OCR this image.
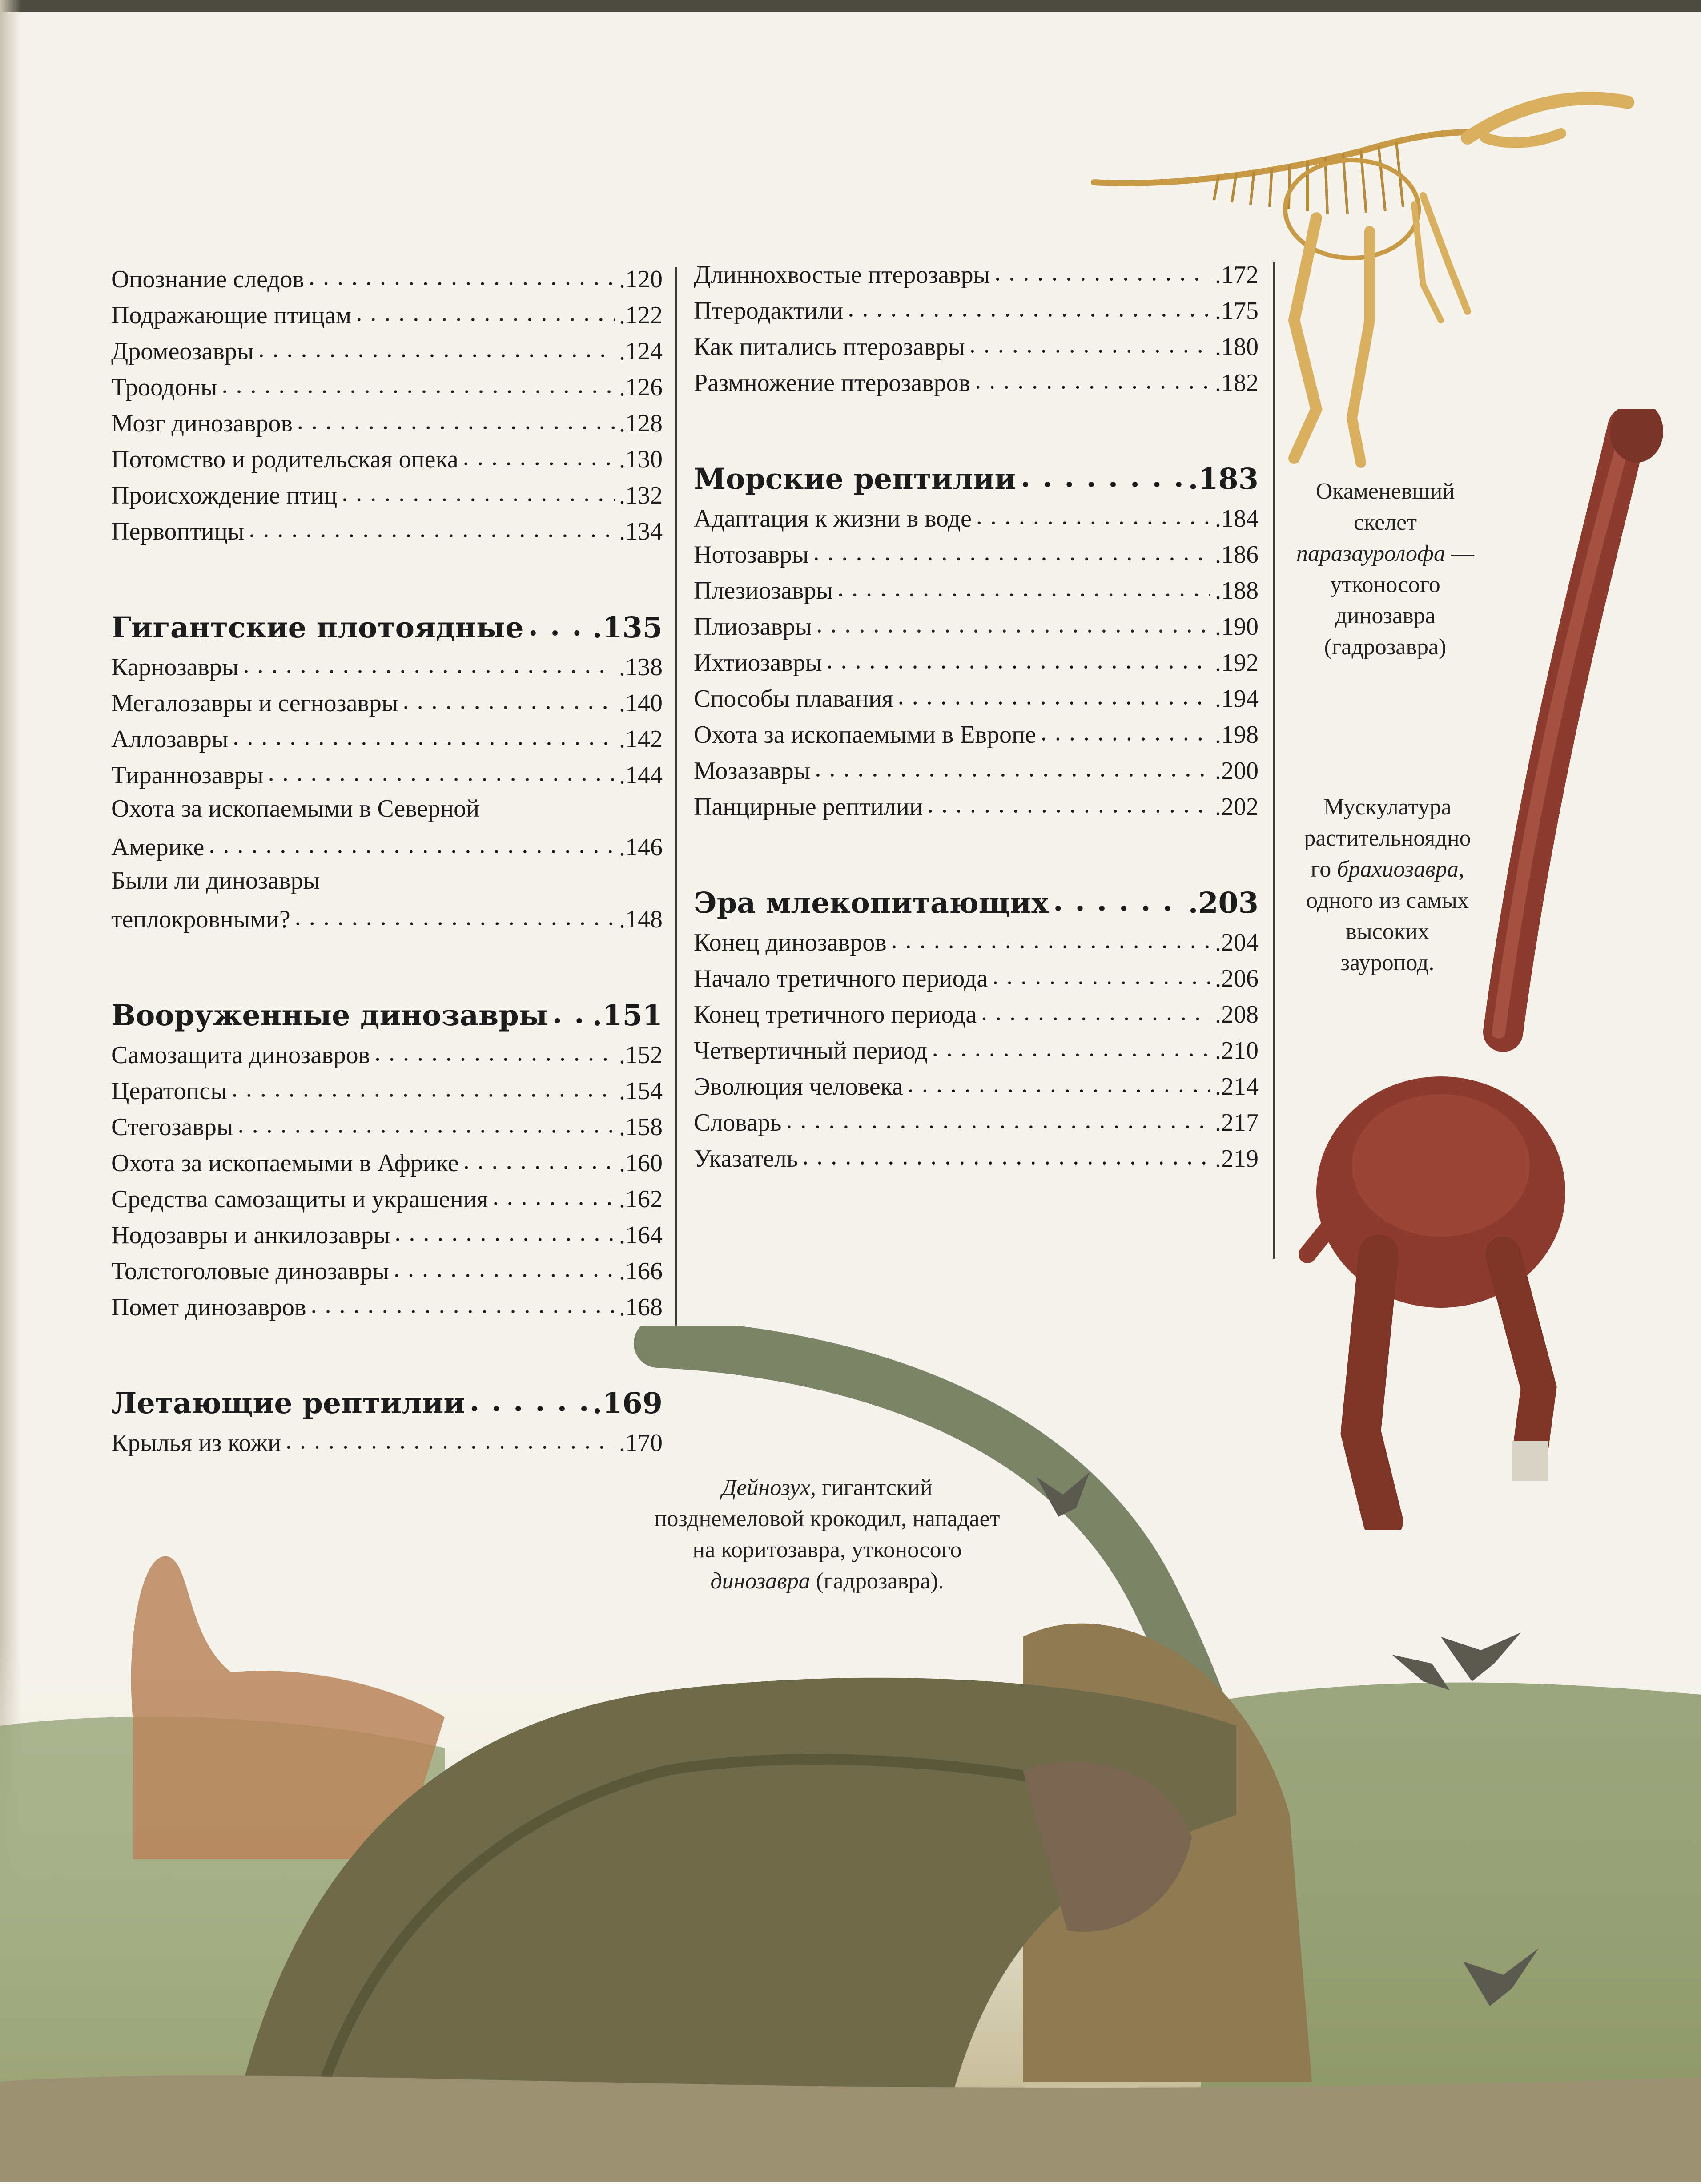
Опознание следов . . .	.120
Подражающие птицам . . .	.122
Дромеозавры . . .	.124
Троодоны . . .	.126
Мозг динозавров . . .	.128
Потомство и родительская опека . . .	.130
Происхождение птиц . . .	.132
Первоптицы . . .	.134
Гигантские плотоядные . . . .135
Карнозавры . . .	.138
Мегалозавры и сегнозавры . . .	.140
Аллозавры . . .	.142
Тираннозавры . . .	.144
Охота за ископаемыми в Северной
Америке . . .	.146
Были ли динозавры
теплокровными? . . .	.148
Вооруженные динозавры . . . .151
Самозащита динозавров . . .	.152
Цератопсы . . .	.154
Стегозавры . . .	.158
Охота за ископаемыми в Африке . . .	.160
Средства самозащиты и украшения . . .	.162
Нодозавры и анкилозавры . . .	.164
Толстоголовые динозавры . . .	.166
Помет динозавров . . .	.168
Летающие рептилии . . .	.169
Крылья из кожи . . .	.170
Длиннохвостые птерозавры . . .	.172
Птеродактили . . .	.175
Как питались птерозавры . . .	.180
Размножение птерозавров . . .	.182
Морские рептилии . . .	.183
Адаптация к жизни в воде . . .	.184
Нотозавры . . .	.186
Плезиозавры . . .	.188
Плиозавры . . .	.190
Ихтиозавры . . .	.192
Способы плавания . . .	.194
Охота за ископаемыми в Европе . . .	.198
Мозазавры . . .	.200
Панцирные рептилии . . .	.202
Эра млекопитающих . . .	.203
Конец динозавров . . .	.204
Начало третичного периода . . .	.206
Конец третичного периода . . .	.208
Четвертичный период . . .	.210
Эволюция человека . . .	.214
Словарь . . .	.217
Указатель . . .	.219
Окаменевший
скелет
паразауролофа —
утконосого
динозавра
(гадрозавра)
Мускулатура
растительноядно
го брахиозавра,
одного из самых
высоких
зауропод.
Дейнозух, гигантский
позднемеловой крокодил, нападает
на коритозавра, утконосого
динозавра (гадрозавра).
